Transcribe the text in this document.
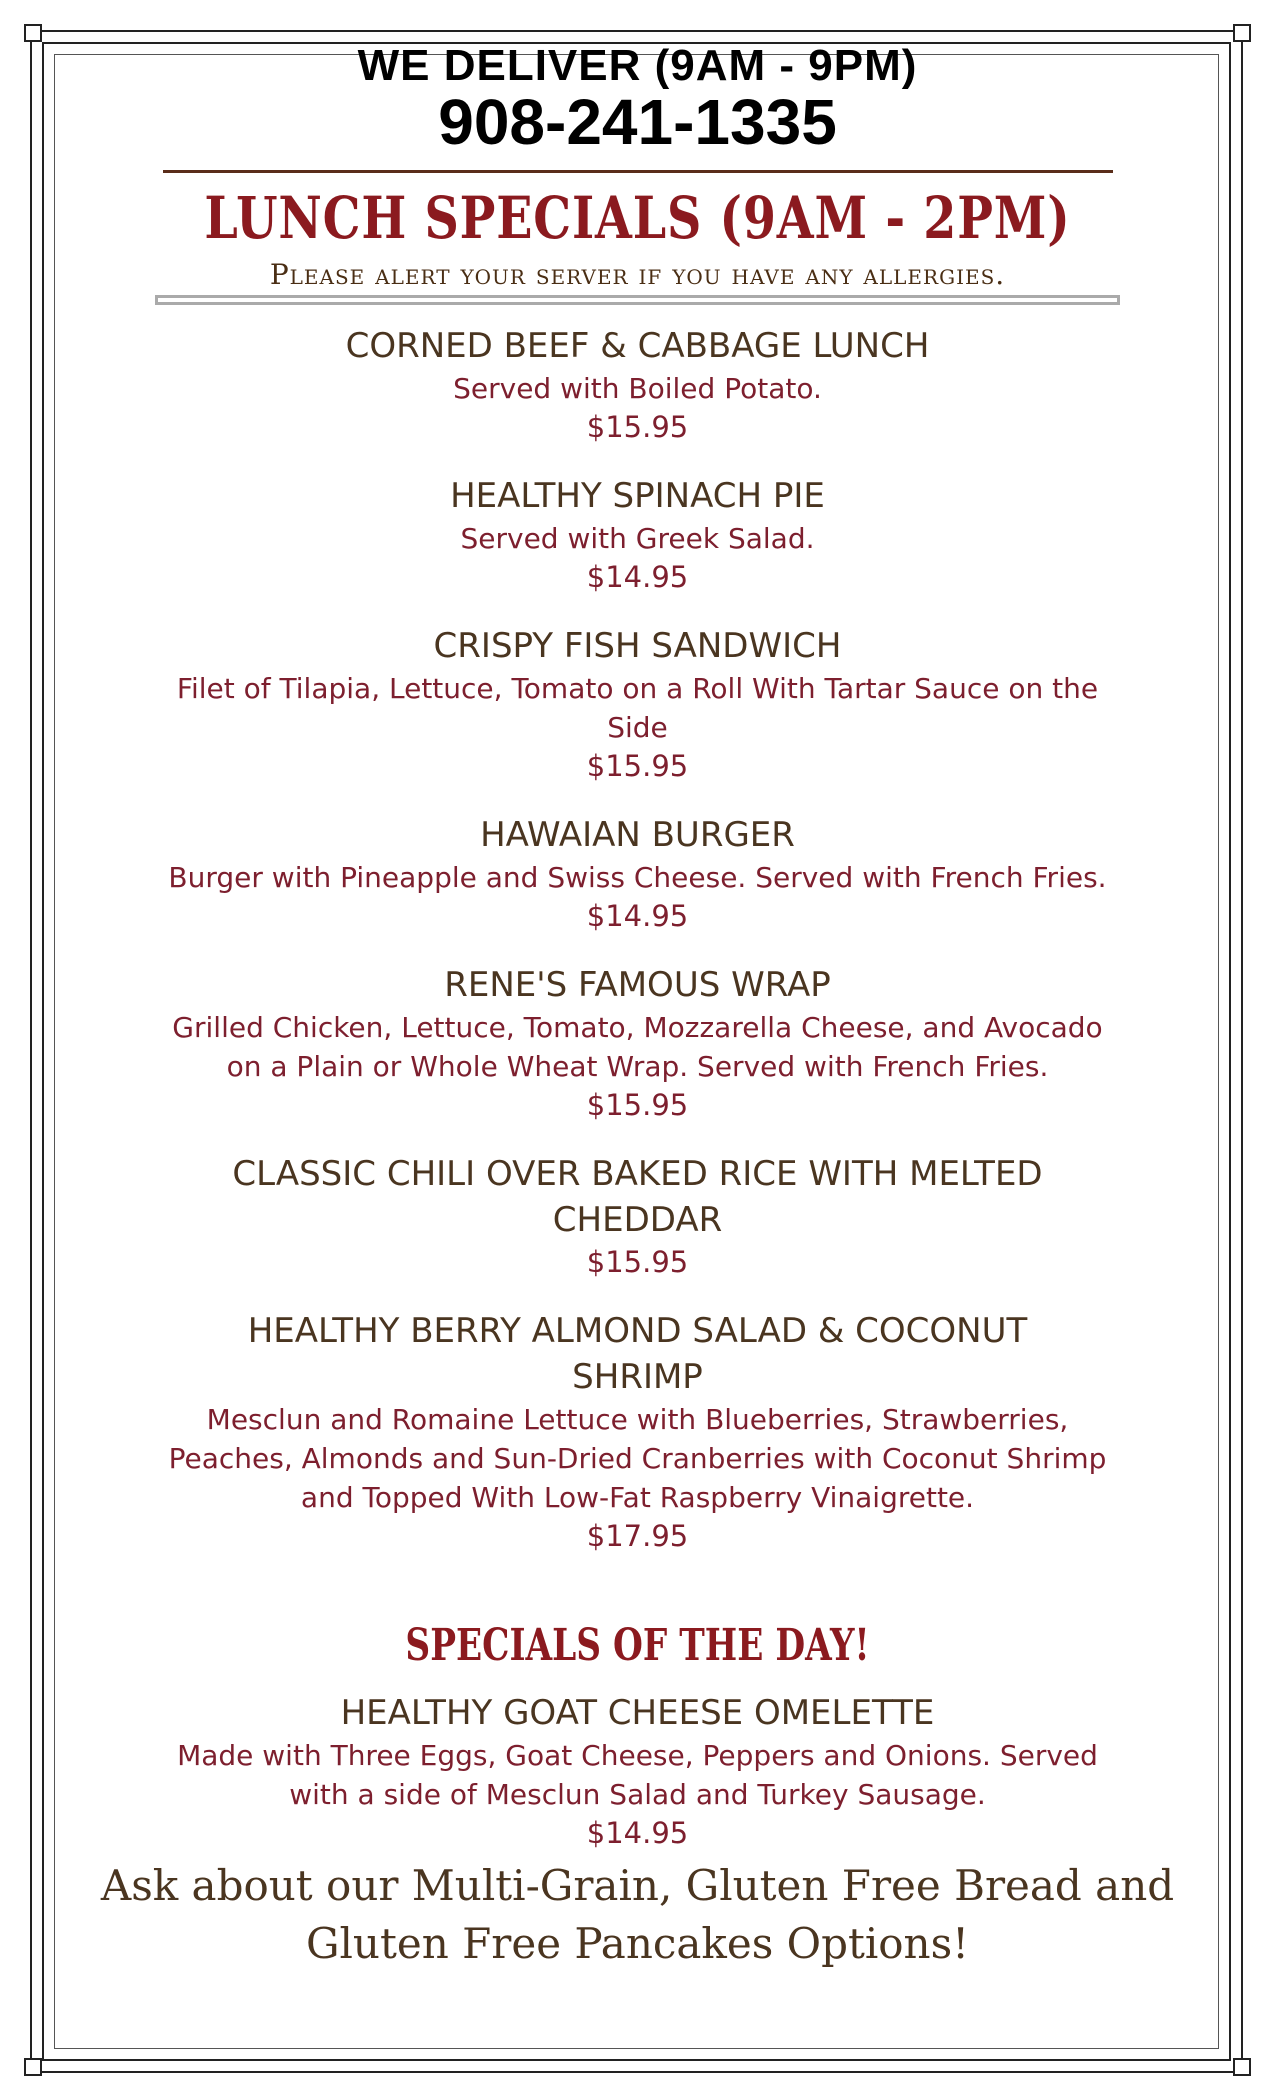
WE DELIVER (9AM - 9PM)
908-241-1335
LUNCH SPECIALS (9AM - 2PM)
Please alert your server if you have any allergies.
CORNED BEEF & CABBAGE LUNCH
Served with Boiled Potato.
$15.95
HEALTHY SPINACH PIE
Served with Greek Salad.
$14.95
CRISPY FISH SANDWICH
Filet of Tilapia, Lettuce, Tomato on a Roll With Tartar Sauce on the Side
$15.95
HAWAIAN BURGER
Burger with Pineapple and Swiss Cheese. Served with French Fries.
$14.95
RENE'S FAMOUS WRAP
Grilled Chicken, Lettuce, Tomato, Mozzarella Cheese, and Avocado on a Plain or Whole Wheat Wrap. Served with French Fries.
$15.95
CLASSIC CHILI OVER BAKED RICE WITH MELTED CHEDDAR
$15.95
HEALTHY BERRY ALMOND SALAD & COCONUT SHRIMP
Mesclun and Romaine Lettuce with Blueberries, Strawberries, Peaches, Almonds and Sun-Dried Cranberries with Coconut Shrimp and Topped With Low-Fat Raspberry Vinaigrette.
$17.95
SPECIALS OF THE DAY!
HEALTHY GOAT CHEESE OMELETTE
Made with Three Eggs, Goat Cheese, Peppers and Onions. Served with a side of Mesclun Salad and Turkey Sausage.
$14.95
Ask about our Multi-Grain, Gluten Free Bread and Gluten Free Pancakes Options!
